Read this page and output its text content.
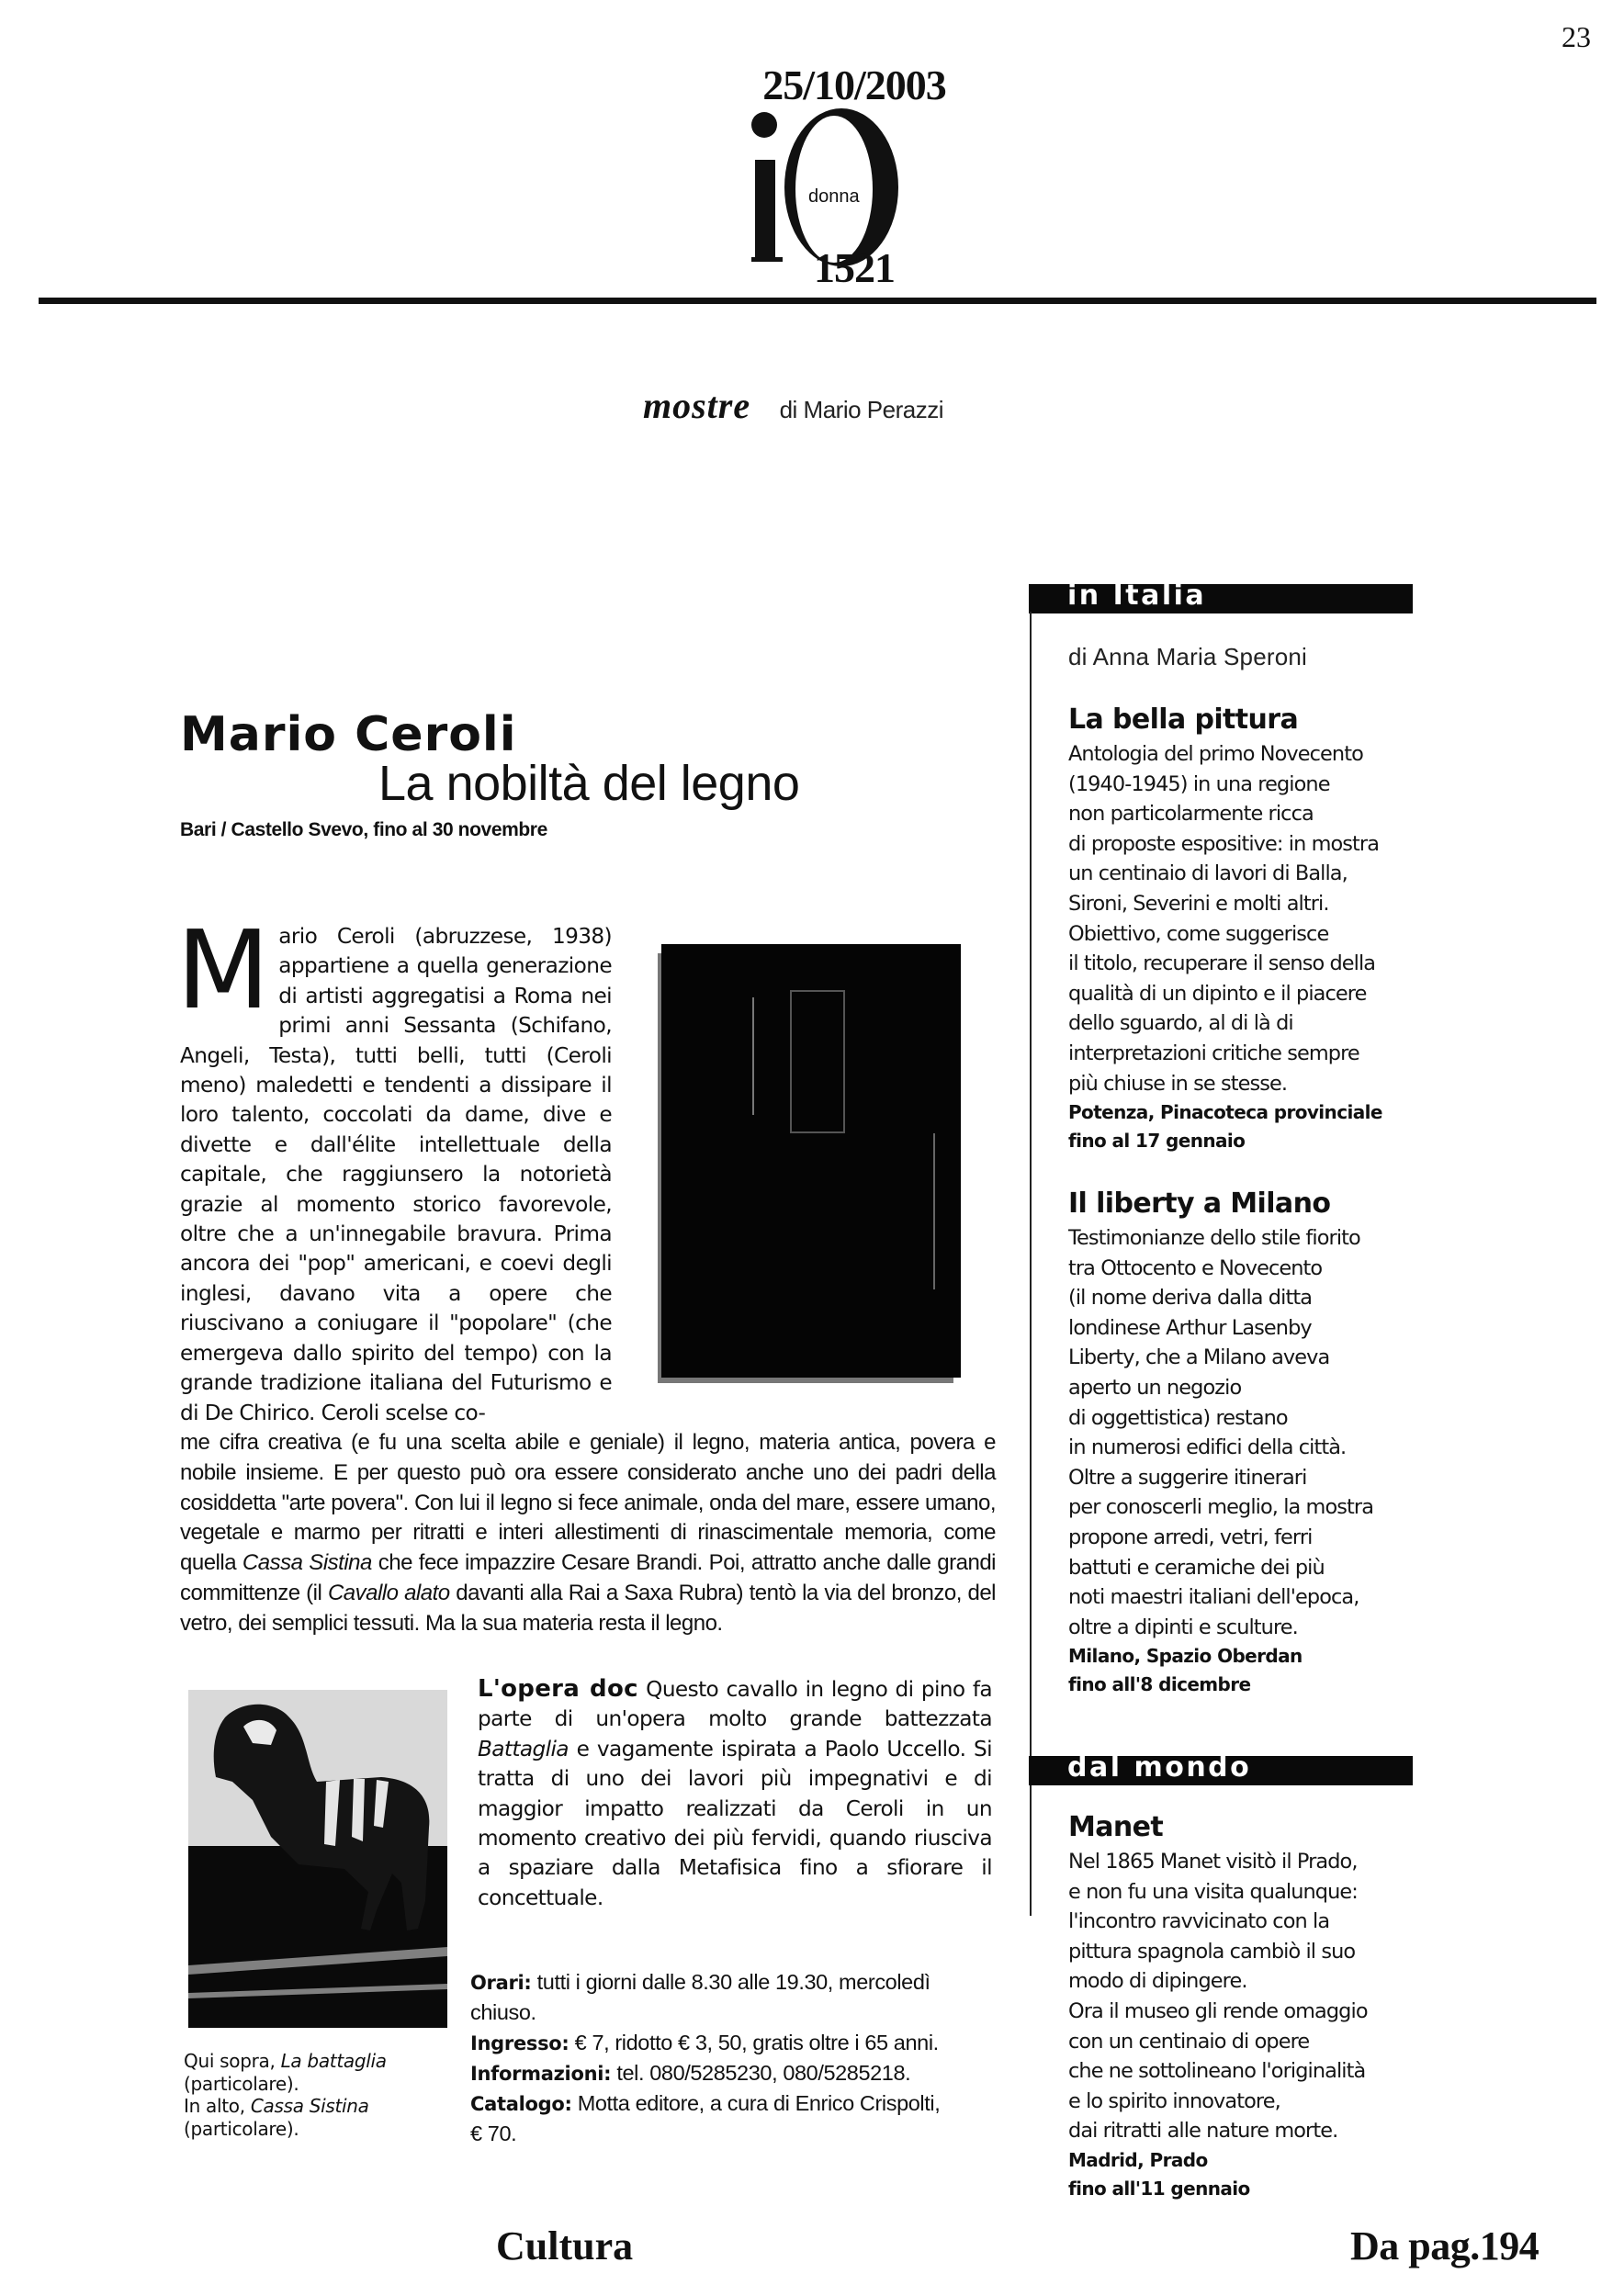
23
25/10/2003
donna
1521
mostre di Mario Perazzi
Mario Ceroli
La nobiltà del legno
Bari / Castello Svevo, fino al 30 novembre
Mario Ceroli (abruzzese, 1938) appartiene a quella generazione di artisti aggregatisi a Roma nei primi anni Sessanta (Schifano, Angeli, Testa), tutti belli, tutti (Ceroli meno) maledetti e tendenti a dissipare il loro talento, coccolati da dame, dive e divette e dall'élite intellettuale della capitale, che raggiunsero la notorietà grazie al momento storico favorevole, oltre che a un'innegabile bravura. Prima ancora dei "pop" americani, e coevi degli inglesi, davano vita a opere che riuscivano a coniugare il "popolare" (che emergeva dallo spirito del tempo) con la grande tradizione italiana del Futurismo e di De Chirico. Ceroli scelse co-
me cifra creativa (e fu una scelta abile e geniale) il legno, materia antica, povera e nobile insieme. E per questo può ora essere considerato anche uno dei padri della cosiddetta "arte povera". Con lui il legno si fece animale, onda del mare, essere umano, vegetale e marmo per ritratti e interi allestimenti di rinascimentale memoria, come quella Cassa Sistina che fece impazzire Cesare Brandi. Poi, attratto anche dalle grandi committenze (il Cavallo alato davanti alla Rai a Saxa Rubra) tentò la via del bronzo, del vetro, dei semplici tessuti. Ma la sua materia resta il legno.
L'opera doc Questo cavallo in legno di pino fa parte di un'opera molto grande battezzata Battaglia e vagamente ispirata a Paolo Uccello. Si tratta di uno dei lavori più impegnativi e di maggior impatto realizzati da Ceroli in un momento creativo dei più fervidi, quando riusciva a spaziare dalla Metafisica fino a sfiorare il concettuale.
Qui sopra, La battaglia
(particolare).
In alto, Cassa Sistina
(particolare).
Orari: tutti i giorni dalle 8.30 alle 19.30, mercoledì chiuso.
Ingresso: € 7, ridotto € 3, 50, gratis oltre i 65 anni.
Informazioni: tel. 080/5285230, 080/5285218.
Catalogo: Motta editore, a cura di Enrico Crispolti, € 70.
in Italia
di Anna Maria Speroni
La bella pittura

Antologia del primo Novecento
(1940-1945) in una regione
non particolarmente ricca
di proposte espositive: in mostra
un centinaio di lavori di Balla,
Sironi, Severini e molti altri.
Obiettivo, come suggerisce
il titolo, recuperare il senso della
qualità di un dipinto e il piacere
dello sguardo, al di là di
interpretazioni critiche sempre
più chiuse in se stesse.

Potenza, Pinacoteca provinciale
fino al 17 gennaio
Il liberty a Milano

Testimonianze dello stile fiorito
tra Ottocento e Novecento
(il nome deriva dalla ditta
londinese Arthur Lasenby
Liberty, che a Milano aveva
aperto un negozio
di oggettistica) restano
in numerosi edifici della città.
Oltre a suggerire itinerari
per conoscerli meglio, la mostra
propone arredi, vetri, ferri
battuti e ceramiche dei più
noti maestri italiani dell'epoca,
oltre a dipinti e sculture.

Milano, Spazio Oberdan
fino all'8 dicembre
dal mondo
Manet

Nel 1865 Manet visitò il Prado,
e non fu una visita qualunque:
l'incontro ravvicinato con la
pittura spagnola cambiò il suo
modo di dipingere.
Ora il museo gli rende omaggio
con un centinaio di opere
che ne sottolineano l'originalità
e lo spirito innovatore,
dai ritratti alle nature morte.

Madrid, Prado
fino all'11 gennaio
Cultura	Da pag.194
